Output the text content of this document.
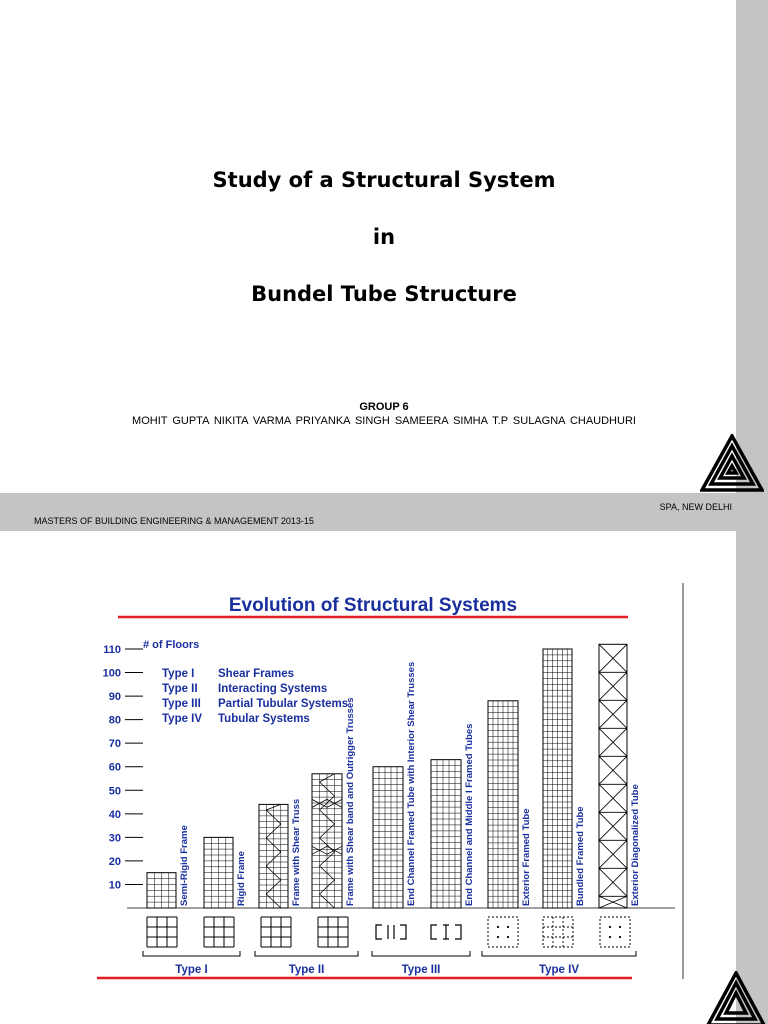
Study of a Structural System
in
Bundel Tube Structure
GROUP 6
MOHIT GUPTA NIKITA VARMA PRIYANKA SINGH SAMEERA SIMHA T.P SULAGNA CHAUDHURI
SPA, NEW DELHI
MASTERS OF BUILDING ENGINEERING & MANAGEMENT 2013-15
Evolution of Structural Systems
# of Floors
10
20
30
40
50
60
70
80
90
100
110
Type I Shear Frames
Type II Interacting Systems
Type III Partial Tubular Systems
Type IV Tubular Systems
Semi-Rigid Frame	Rigid Frame	Frame with Shear Truss	Frame with Shear band and Outrigger Trusses	End Channel Framed Tube with Interior Shear Trusses	End Channel and Middle I Framed Tubes	Exterior Framed Tube	Bundled Framed Tube	Exterior Diagonalized Tube
Type I	Type II	Type III	Type IV
